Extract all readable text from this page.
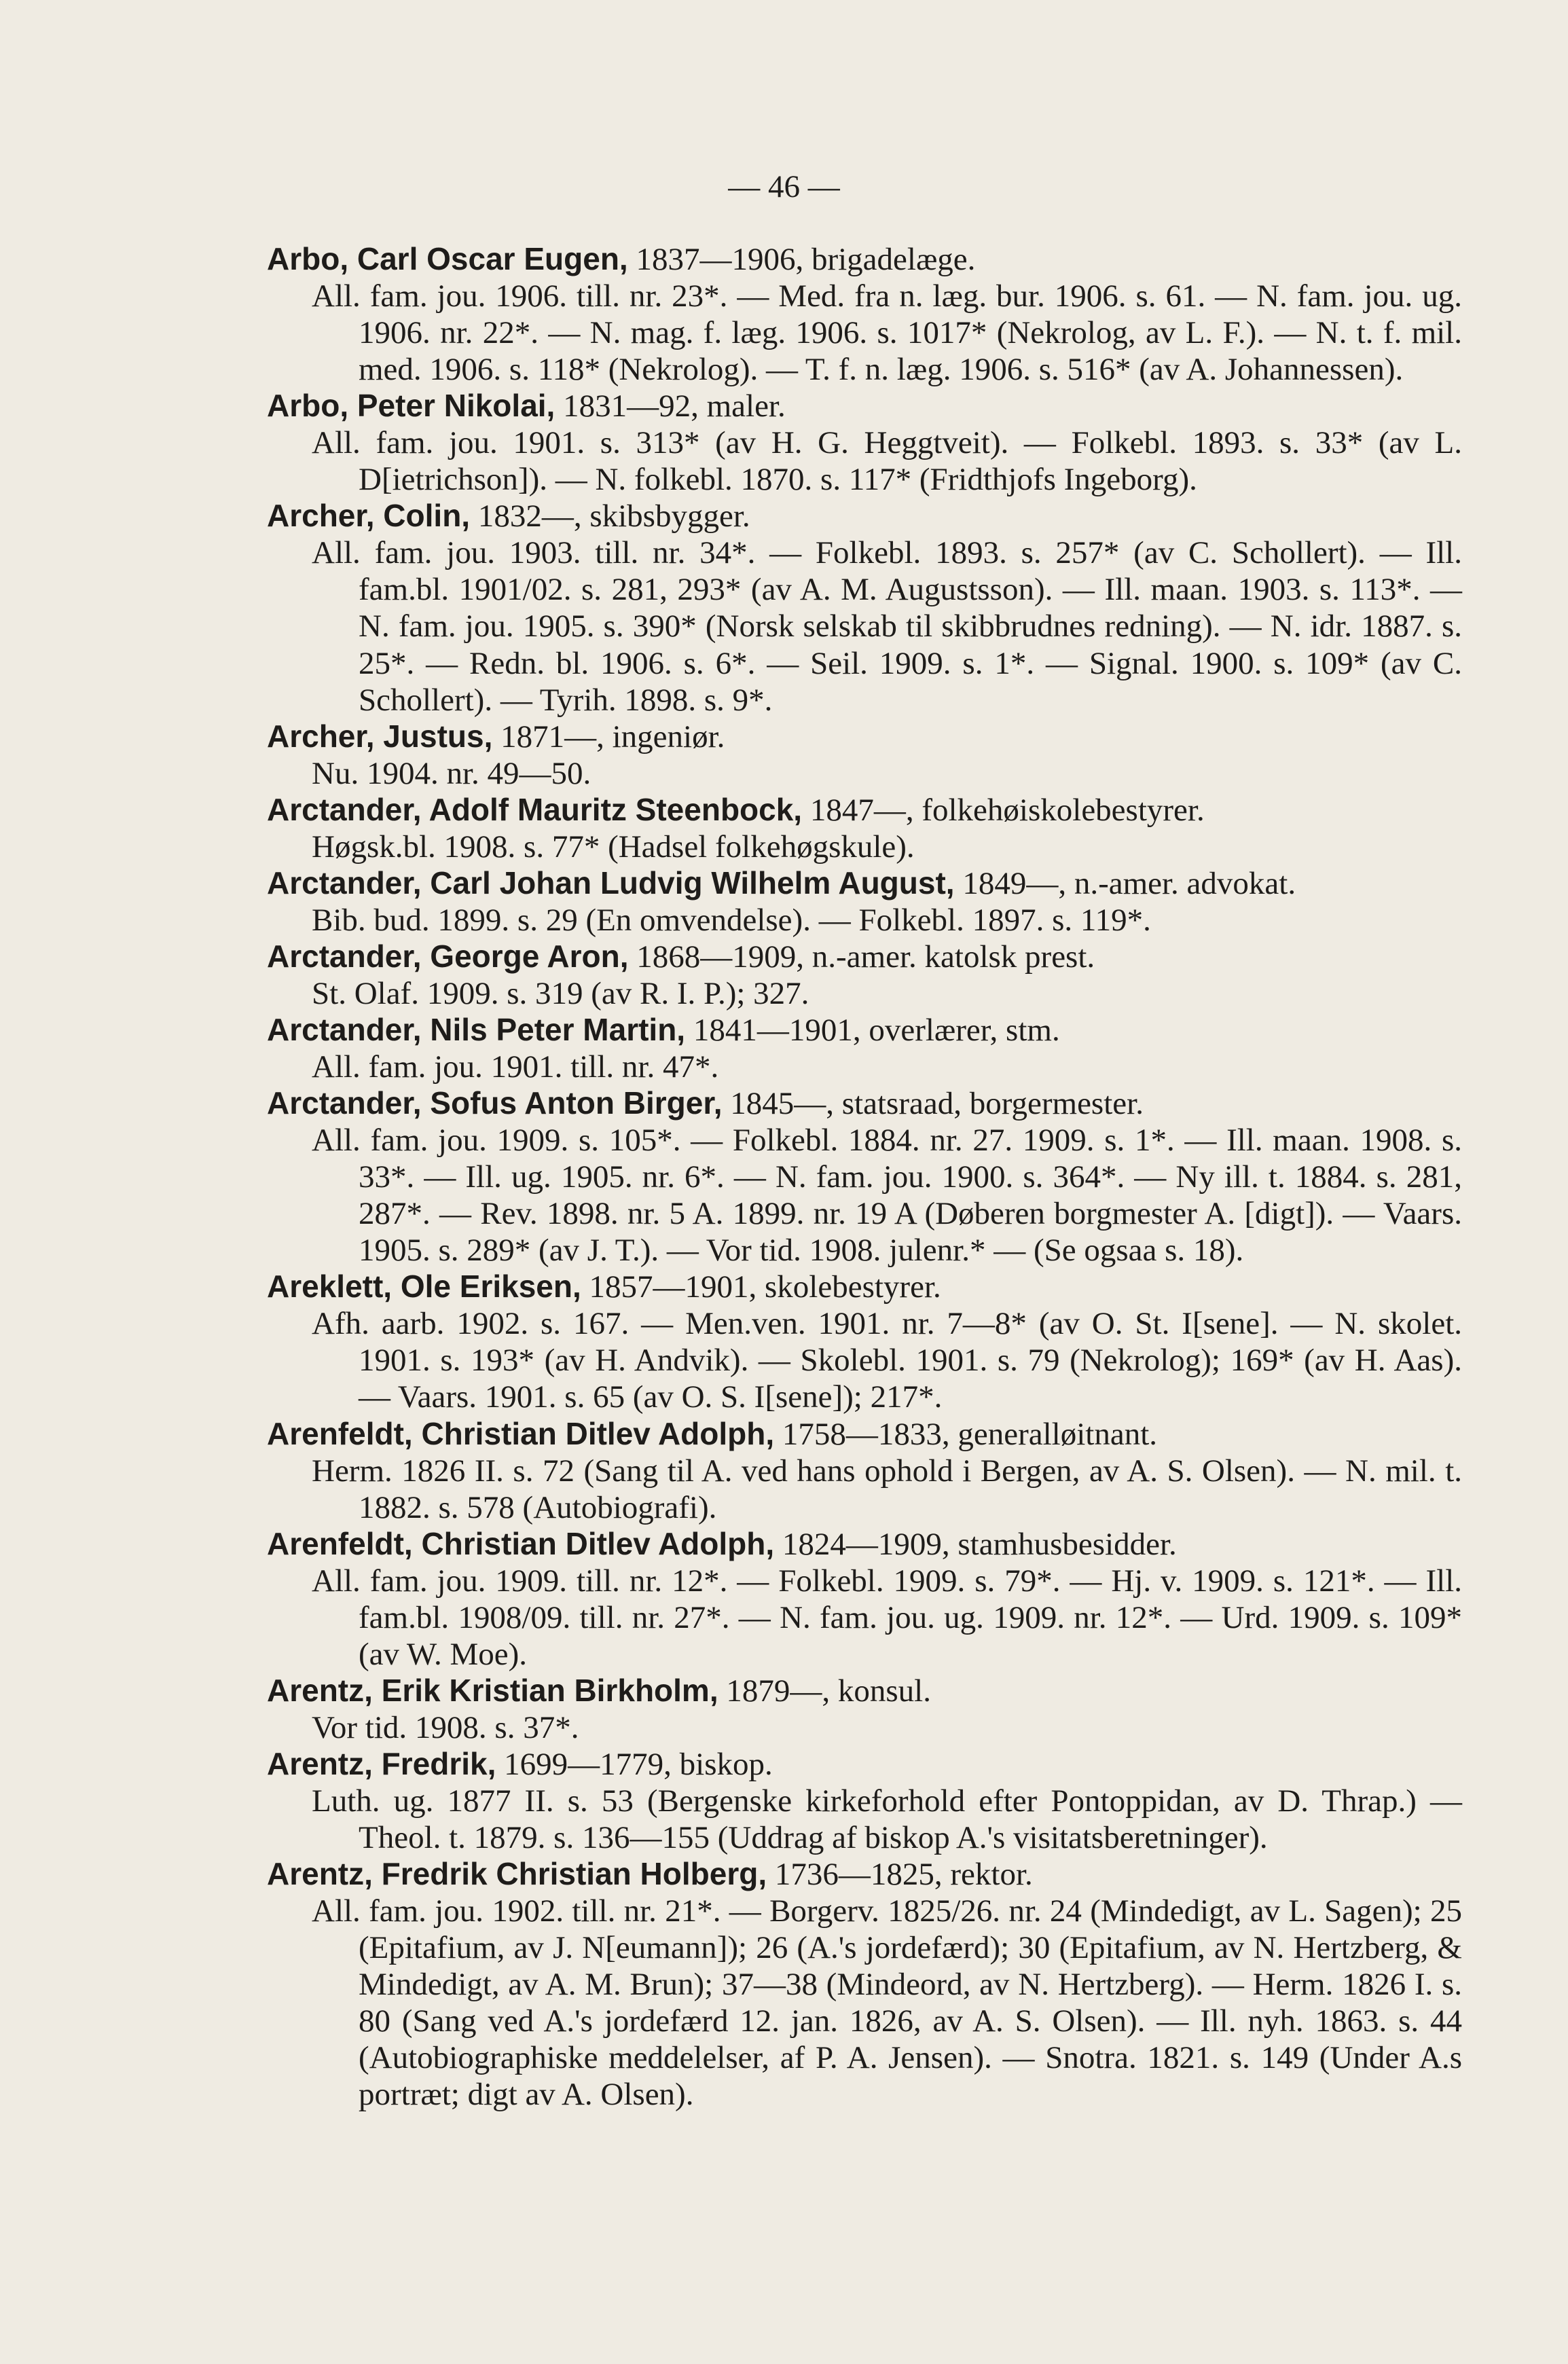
— 46 —
Arbo, Carl Oscar Eugen, 1837—1906, brigadelæge.
All. fam. jou. 1906. till. nr. 23*. — Med. fra n. læg. bur. 1906. s. 61. — N. fam. jou. ug. 1906. nr. 22*. — N. mag. f. læg. 1906. s. 1017* (Nekrolog, av L. F.). — N. t. f. mil. med. 1906. s. 118* (Nekrolog). — T. f. n. læg. 1906. s. 516* (av A. Johannessen).
Arbo, Peter Nikolai, 1831—92, maler.
All. fam. jou. 1901. s. 313* (av H. G. Heggtveit). — Folkebl. 1893. s. 33* (av L. D[ietrichson]). — N. folkebl. 1870. s. 117* (Fridthjofs Ingeborg).
Archer, Colin, 1832—, skibsbygger.
All. fam. jou. 1903. till. nr. 34*. — Folkebl. 1893. s. 257* (av C. Schollert). — Ill. fam.bl. 1901/02. s. 281, 293* (av A. M. Augustsson). — Ill. maan. 1903. s. 113*. — N. fam. jou. 1905. s. 390* (Norsk selskab til skibbrudnes redning). — N. idr. 1887. s. 25*. — Redn. bl. 1906. s. 6*. — Seil. 1909. s. 1*. — Signal. 1900. s. 109* (av C. Schollert). — Tyrih. 1898. s. 9*.
Archer, Justus, 1871—, ingeniør.
Nu. 1904. nr. 49—50.
Arctander, Adolf Mauritz Steenbock, 1847—, folkehøiskolebestyrer.
Høgsk.bl. 1908. s. 77* (Hadsel folkehøgskule).
Arctander, Carl Johan Ludvig Wilhelm August, 1849—, n.-amer. advokat.
Bib. bud. 1899. s. 29 (En omvendelse). — Folkebl. 1897. s. 119*.
Arctander, George Aron, 1868—1909, n.-amer. katolsk prest.
St. Olaf. 1909. s. 319 (av R. I. P.); 327.
Arctander, Nils Peter Martin, 1841—1901, overlærer, stm.
All. fam. jou. 1901. till. nr. 47*.
Arctander, Sofus Anton Birger, 1845—, statsraad, borgermester.
All. fam. jou. 1909. s. 105*. — Folkebl. 1884. nr. 27. 1909. s. 1*. — Ill. maan. 1908. s. 33*. — Ill. ug. 1905. nr. 6*. — N. fam. jou. 1900. s. 364*. — Ny ill. t. 1884. s. 281, 287*. — Rev. 1898. nr. 5 A. 1899. nr. 19 A (Døberen borgmester A. [digt]). — Vaars. 1905. s. 289* (av J. T.). — Vor tid. 1908. julenr.* — (Se ogsaa s. 18).
Areklett, Ole Eriksen, 1857—1901, skolebestyrer.
Afh. aarb. 1902. s. 167. — Men.ven. 1901. nr. 7—8* (av O. St. I[sene]. — N. skolet. 1901. s. 193* (av H. Andvik). — Skolebl. 1901. s. 79 (Nekrolog); 169* (av H. Aas). — Vaars. 1901. s. 65 (av O. S. I[sene]); 217*.
Arenfeldt, Christian Ditlev Adolph, 1758—1833, generalløitnant.
Herm. 1826 II. s. 72 (Sang til A. ved hans ophold i Bergen, av A. S. Olsen). — N. mil. t. 1882. s. 578 (Autobiografi).
Arenfeldt, Christian Ditlev Adolph, 1824—1909, stamhusbesidder.
All. fam. jou. 1909. till. nr. 12*. — Folkebl. 1909. s. 79*. — Hj. v. 1909. s. 121*. — Ill. fam.bl. 1908/09. till. nr. 27*. — N. fam. jou. ug. 1909. nr. 12*. — Urd. 1909. s. 109* (av W. Moe).
Arentz, Erik Kristian Birkholm, 1879—, konsul.
Vor tid. 1908. s. 37*.
Arentz, Fredrik, 1699—1779, biskop.
Luth. ug. 1877 II. s. 53 (Bergenske kirkeforhold efter Pontoppidan, av D. Thrap.) — Theol. t. 1879. s. 136—155 (Uddrag af biskop A.'s visitatsberetninger).
Arentz, Fredrik Christian Holberg, 1736—1825, rektor.
All. fam. jou. 1902. till. nr. 21*. — Borgerv. 1825/26. nr. 24 (Mindedigt, av L. Sagen); 25 (Epitafium, av J. N[eumann]); 26 (A.'s jordefærd); 30 (Epitafium, av N. Hertzberg, & Mindedigt, av A. M. Brun); 37—38 (Mindeord, av N. Hertzberg). — Herm. 1826 I. s. 80 (Sang ved A.'s jordefærd 12. jan. 1826, av A. S. Olsen). — Ill. nyh. 1863. s. 44 (Autobiographiske meddelelser, af P. A. Jensen). — Snotra. 1821. s. 149 (Under A.s portræt; digt av A. Olsen).
